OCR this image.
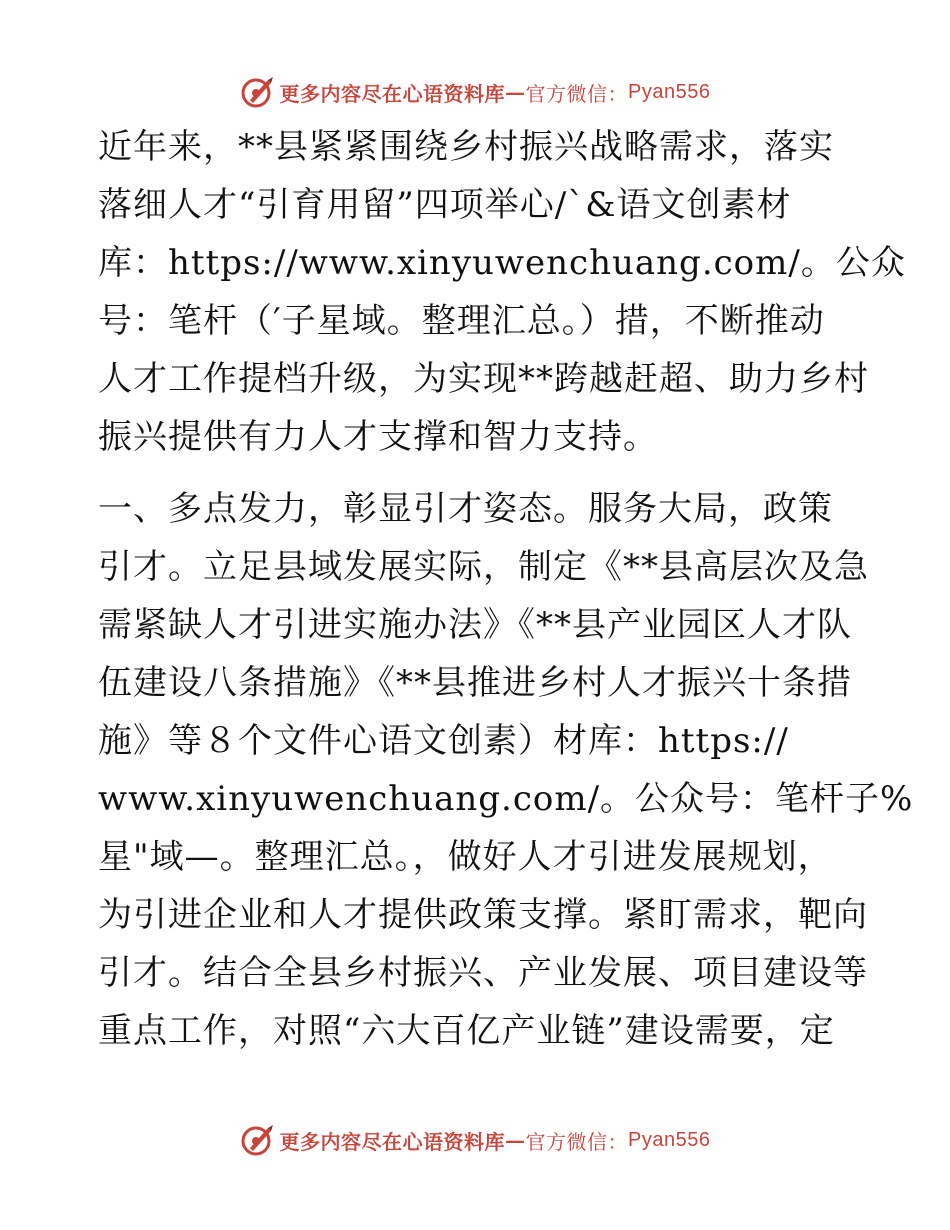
更多内容尽在心语资料库 — 官方微信： Pyan556
近年来，**县紧紧围绕乡村振兴战略需求，落实
落细人才“引育用留”四项举心/`&语文创素材
库：https://www.xinyuwenchuang.com/。公众
号：笔杆（′子星域。整理汇总。）措，不断推动
人才工作提档升级，为实现**跨越赶超、助力乡村
振兴提供有力人才支撑和智力支持。
一、多点发力，彰显引才姿态。服务大局，政策
引才。立足县域发展实际，制定《**县高层次及急
需紧缺人才引进实施办法》《**县产业园区人才队
伍建设八条措施》《**县推进乡村人才振兴十条措
施》等８个文件心语文创素）材库：https://
www.xinyuwenchuang.com/。公众号：笔杆子%
星"域—。整理汇总。，做好人才引进发展规划，
为引进企业和人才提供政策支撑。紧盯需求，靶向
引才。结合全县乡村振兴、产业发展、项目建设等
重点工作，对照“六大百亿产业链”建设需要，定
更多内容尽在心语资料库 — 官方微信： Pyan556
